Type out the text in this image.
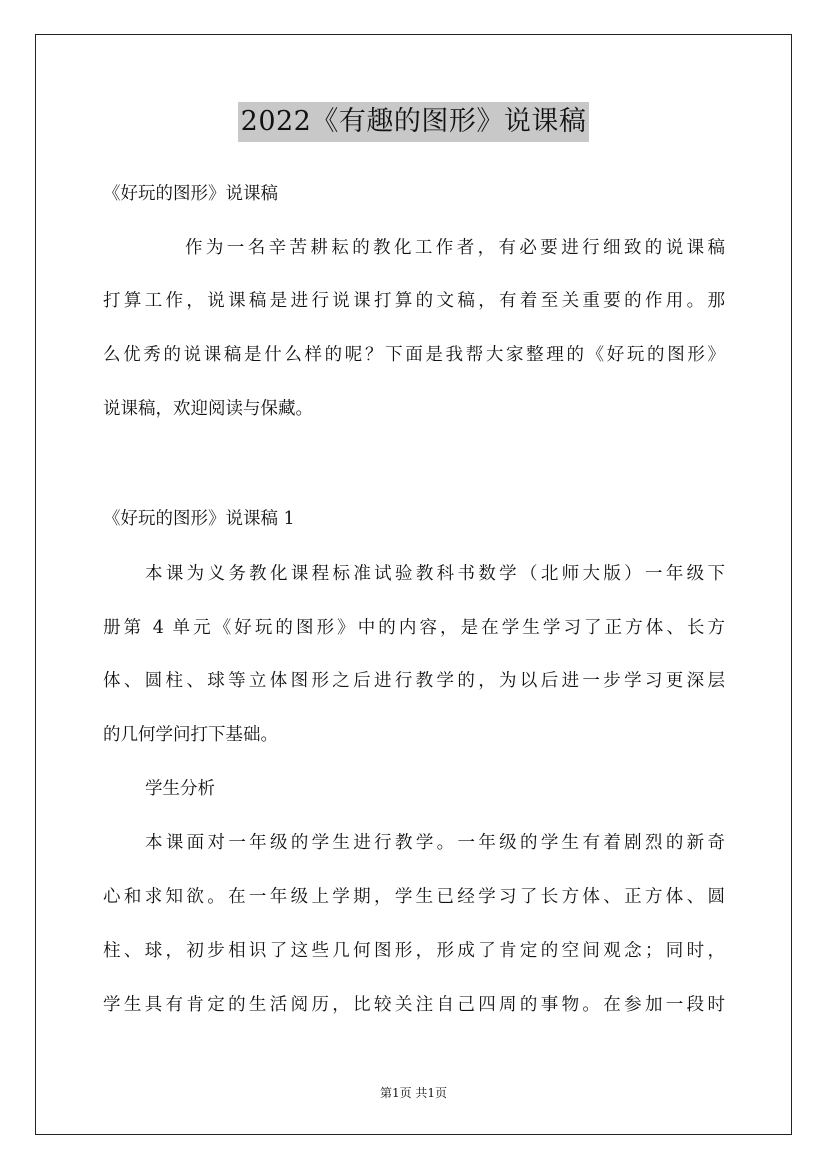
2022《有趣的图形》说课稿
《好玩的图形》说课稿
作为一名辛苦耕耘的教化工作者，有必要进行细致的说课稿
打算工作，说课稿是进行说课打算的文稿，有着至关重要的作用。那
么优秀的说课稿是什么样的呢？下面是我帮大家整理的《好玩的图形》
说课稿，欢迎阅读与保藏。
《好玩的图形》说课稿 1
本课为义务教化课程标准试验教科书数学（北师大版）一年级下
册第 4 单元《好玩的图形》中的内容，是在学生学习了正方体、长方
体、圆柱、球等立体图形之后进行教学的，为以后进一步学习更深层
的几何学问打下基础。
学生分析
本课面对一年级的学生进行教学。一年级的学生有着剧烈的新奇
心和求知欲。在一年级上学期，学生已经学习了长方体、正方体、圆
柱、球，初步相识了这些几何图形，形成了肯定的空间观念；同时，
学生具有肯定的生活阅历，比较关注自己四周的事物。在参加一段时
第1页 共1页
